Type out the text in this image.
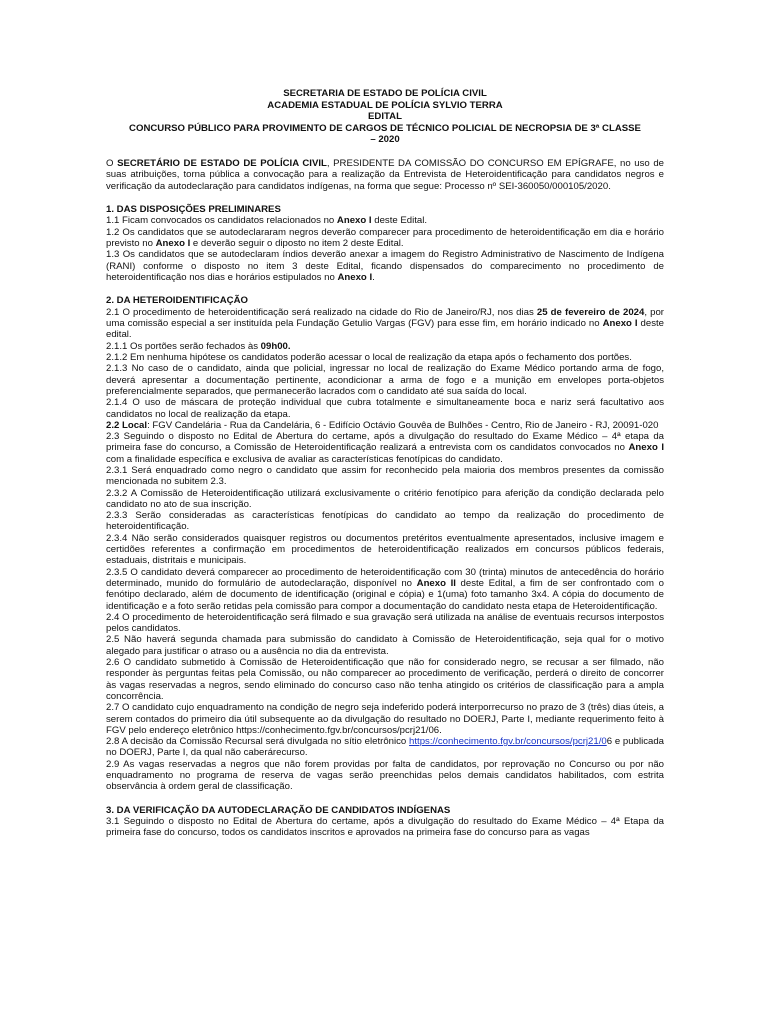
SECRETARIA DE ESTADO DE POLÍCIA CIVIL
ACADEMIA ESTADUAL DE POLÍCIA SYLVIO TERRA
EDITAL
CONCURSO PÚBLICO PARA PROVIMENTO DE CARGOS DE TÉCNICO POLICIAL DE NECROPSIA DE 3ª CLASSE
– 2020

O SECRETÁRIO DE ESTADO DE POLÍCIA CIVIL, PRESIDENTE DA COMISSÃO DO CONCURSO EM EPÍGRAFE, no uso de suas atribuições, torna pública a convocação para a realização da Entrevista de Heteroidentificação para candidatos negros e verificação da autodeclaração para candidatos indígenas, na forma que segue: Processo nº SEI-360050/000105/2020.

1. DAS DISPOSIÇÕES PRELIMINARES

1.1 Ficam convocados os candidatos relacionados no Anexo I deste Edital.

1.2 Os candidatos que se autodeclararam negros deverão comparecer para procedimento de heteroidentificação em dia e horário previsto no Anexo I e deverão seguir o diposto no item 2 deste Edital.

1.3 Os candidatos que se autodeclaram índios deverão anexar a imagem do Registro Administrativo de Nascimento de Indígena (RANI) conforme o disposto no item 3 deste Edital, ficando dispensados do comparecimento no procedimento de heteroidentificação nos dias e horários estipulados no Anexo I.

2. DA HETEROIDENTIFICAÇÃO

2.1 O procedimento de heteroidentificação será realizado na cidade do Rio de Janeiro/RJ, nos dias 25 de fevereiro de 2024, por uma comissão especial a ser instituída pela Fundação Getulio Vargas (FGV) para esse fim, em horário indicado no Anexo I deste edital.

2.1.1 Os portões serão fechados às 09h00.

2.1.2 Em nenhuma hipótese os candidatos poderão acessar o local de realização da etapa após o fechamento dos portões.

2.1.3 No caso de o candidato, ainda que policial, ingressar no local de realização do Exame Médico portando arma de fogo, deverá apresentar a documentação pertinente, acondicionar a arma de fogo e a munição em envelopes porta-objetos preferencialmente separados, que permanecerão lacrados com o candidato até sua saída do local.

2.1.4 O uso de máscara de proteção individual que cubra totalmente e simultaneamente boca e nariz será facultativo aos candidatos no local de realização da etapa.

2.2 Local: FGV Candelária - Rua da Candelária, 6 - Edifício Octávio Gouvêa de Bulhões - Centro, Rio de Janeiro - RJ, 20091-020

2.3 Seguindo o disposto no Edital de Abertura do certame, após a divulgação do resultado do Exame Médico – 4ª etapa da primeira fase do concurso, a Comissão de Heteroidentificação realizará a entrevista com os candidatos convocados no Anexo I com a finalidade específica e exclusiva de avaliar as características fenotípicas do candidato.

2.3.1 Será enquadrado como negro o candidato que assim for reconhecido pela maioria dos membros presentes da comissão mencionada no subitem 2.3.

2.3.2 A Comissão de Heteroidentificação utilizará exclusivamente o critério fenotípico para aferição da condição declarada pelo candidato no ato de sua inscrição.

2.3.3 Serão consideradas as características fenotípicas do candidato ao tempo da realização do procedimento de heteroidentificação.

2.3.4 Não serão considerados quaisquer registros ou documentos pretéritos eventualmente apresentados, inclusive imagem e certidões referentes a confirmação em procedimentos de heteroidentificação realizados em concursos públicos federais, estaduais, distritais e municipais.

2.3.5 O candidato deverá comparecer ao procedimento de heteroidentificação com 30 (trinta) minutos de antecedência do horário determinado, munido do formulário de autodeclaração, disponível no Anexo II deste Edital, a fim de ser confrontado com o fenótipo declarado, além de documento de identificação (original e cópia) e 1(uma) foto tamanho 3x4. A cópia do documento de identificação e a foto serão retidas pela comissão para compor a documentação do candidato nesta etapa de Heteroidentificação.

2.4 O procedimento de heteroidentificação será filmado e sua gravação será utilizada na análise de eventuais recursos interpostos pelos candidatos.

2.5 Não haverá segunda chamada para submissão do candidato à Comissão de Heteroidentificação, seja qual for o motivo alegado para justificar o atraso ou a ausência no dia da entrevista.

2.6 O candidato submetido à Comissão de Heteroidentificação que não for considerado negro, se recusar a ser filmado, não responder às perguntas feitas pela Comissão, ou não comparecer ao procedimento de verificação, perderá o direito de concorrer às vagas reservadas a negros, sendo eliminado do concurso caso não tenha atingido os critérios de classificação para a ampla concorrência.

2.7 O candidato cujo enquadramento na condição de negro seja indeferido poderá interporrecurso no prazo de 3 (três) dias úteis, a serem contados do primeiro dia útil subsequente ao da divulgação do resultado no DOERJ, Parte I, mediante requerimento feito à FGV pelo endereço eletrônico https://conhecimento.fgv.br/concursos/pcrj21/06.

2.8 A decisão da Comissão Recursal será divulgada no sítio eletrônico https://conhecimento.fgv.br/concursos/pcrj21/06 e publicada no DOERJ, Parte I, da qual não caberárecurso.

2.9 As vagas reservadas a negros que não forem providas por falta de candidatos, por reprovação no Concurso ou por não enquadramento no programa de reserva de vagas serão preenchidas pelos demais candidatos habilitados, com estrita observância à ordem geral de classificação.

3. DA VERIFICAÇÃO DA AUTODECLARAÇÃO DE CANDIDATOS INDÍGENAS

3.1 Seguindo o disposto no Edital de Abertura do certame, após a divulgação do resultado do Exame Médico – 4ª Etapa da primeira fase do concurso, todos os candidatos inscritos e aprovados na primeira fase do concurso para as vagas
